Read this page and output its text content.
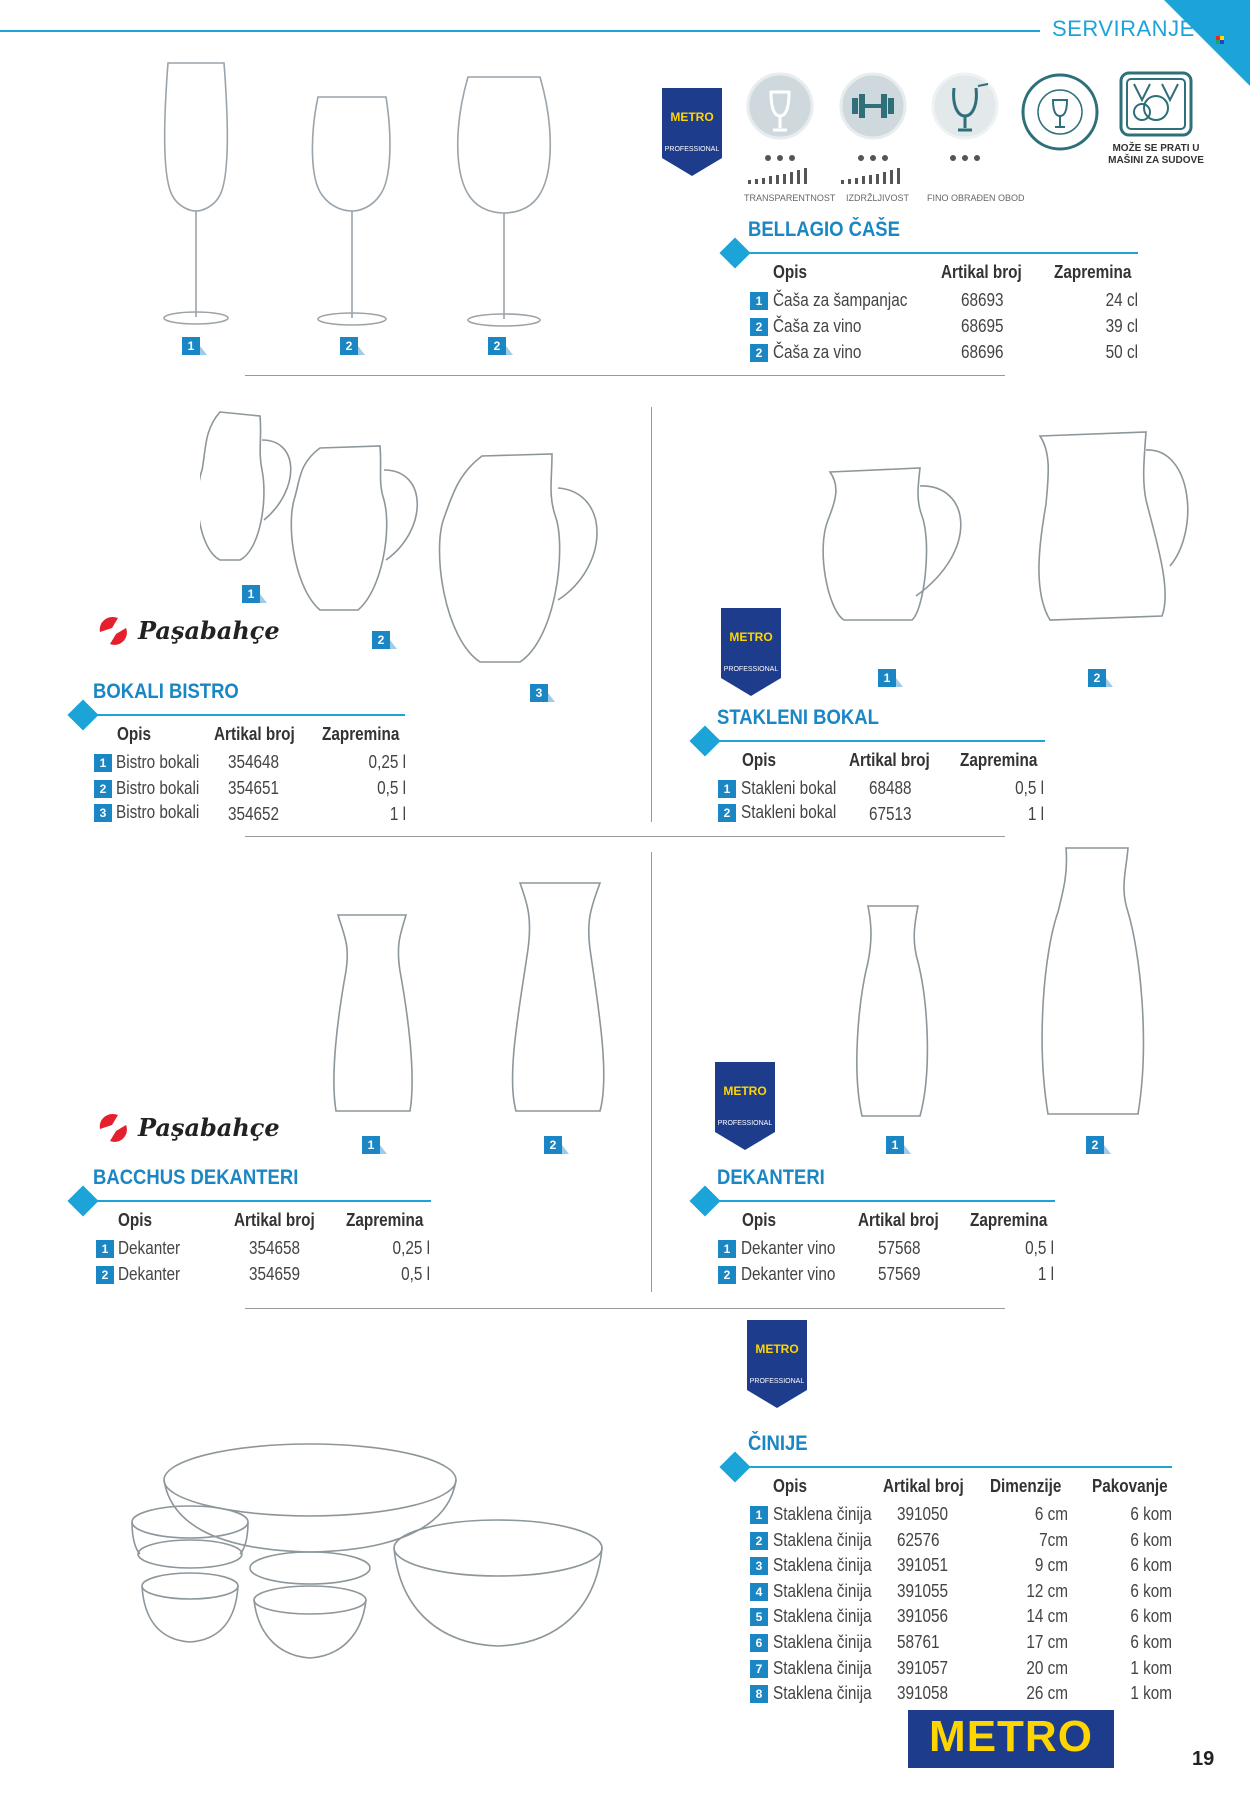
SERVIRANJE
1	2	2
METRO
PROFESSIONAL
TRANSPARENTNOST IZDRŽLJIVOST FINO OBRAĐEN OBOD
MOŽE SE PRATI U MAŠINI ZA SUDOVE
BELLAGIO ČAŠE
Opis	Artikal broj Zapremina
1 Čaša za šampanjac	68693	24 cl
2 Čaša za vino	68695	39 cl
2 Čaša za vino	68696	50 cl
1
2
3
Paşabahçe
BOKALI BISTRO
Opis	Artikal broj Zapremina
1 Bistro bokali 354648	0,25 l
2 Bistro bokali 354651	0,5 l
3 Bistro bokali 354652	1 l
1	2
METRO
PROFESSIONAL
STAKLENI BOKAL
Opis	Artikal broj Zapremina
1 Stakleni bokal 68488	0,5 l
2 Stakleni bokal 67513	1 l
1	2
Paşabahçe
BACCHUS DEKANTERI
Opis	Artikal broj Zapremina
1 Dekanter	354658	0,25 l
2 Dekanter	354659	0,5 l
1	2
METRO
PROFESSIONAL
DEKANTERI
Opis	Artikal broj Zapremina
1 Dekanter vino 57568	0,5 l
2 Dekanter vino 57569	1 l
METRO
PROFESSIONAL
ČINIJE
Opis	Artikal broj Dimenzije Pakovanje
1 Staklena činija 391050	6 cm	6 kom
2 Staklena činija 62576	7cm	6 kom
3 Staklena činija 391051	9 cm	6 kom
4 Staklena činija 391055	12 cm	6 kom
5 Staklena činija 391056	14 cm	6 kom
6 Staklena činija 58761	17 cm	6 kom
7 Staklena činija 391057	20 cm	1 kom
8 Staklena činija 391058	26 cm	1 kom
METRO	19
